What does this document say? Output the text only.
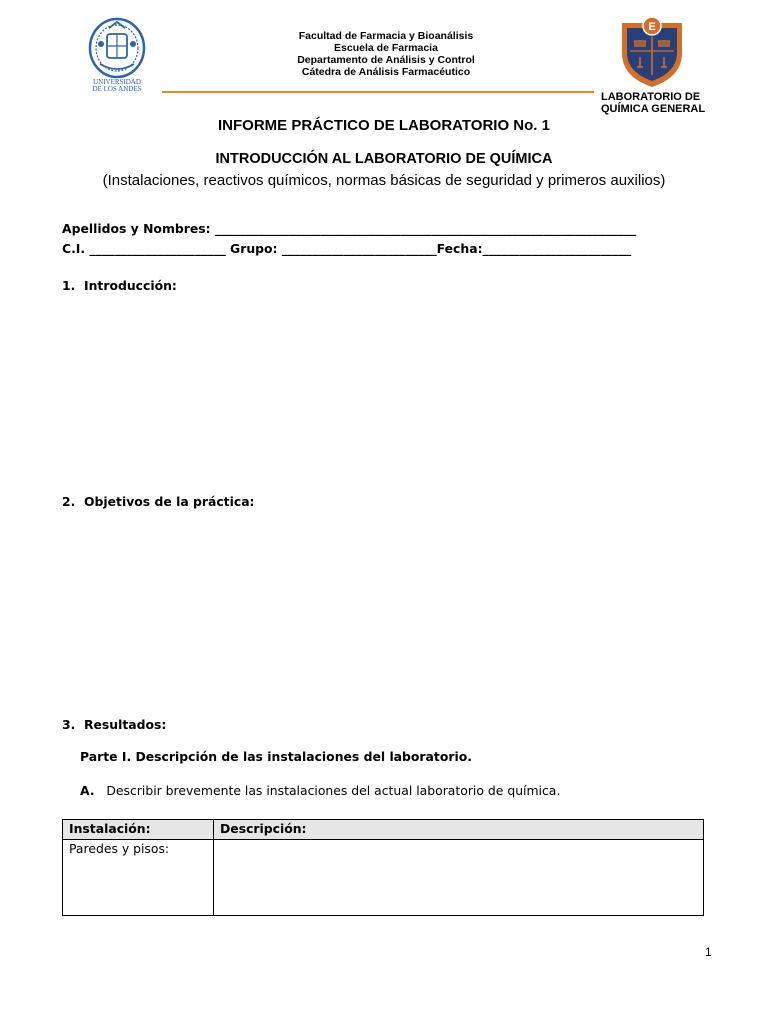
UNIVERSIDAD
DE LOS ANDES
Facultad de Farmacia y Bioanálisis
Escuela de Farmacia
Departamento de Análisis y Control
Cátedra de Análisis Farmacéutico
E
LABORATORIO DE
QUÍMICA GENERAL
INFORME PRÁCTICO DE LABORATORIO No. 1
INTRODUCCIÓN AL LABORATORIO DE QUÍMICA
(Instalaciones, reactivos químicos, normas básicas de seguridad y primeros auxilios)
Apellidos y Nombres: ____________________________________________________________________
C.I. ______________________ Grupo: _________________________Fecha:________________________
1. Introducción:
2. Objetivos de la práctica:
3. Resultados:
Parte I. Descripción de las instalaciones del laboratorio.
A. Describir brevemente las instalaciones del actual laboratorio de química.
Instalación:	Descripción:
Paredes y pisos:	
1
